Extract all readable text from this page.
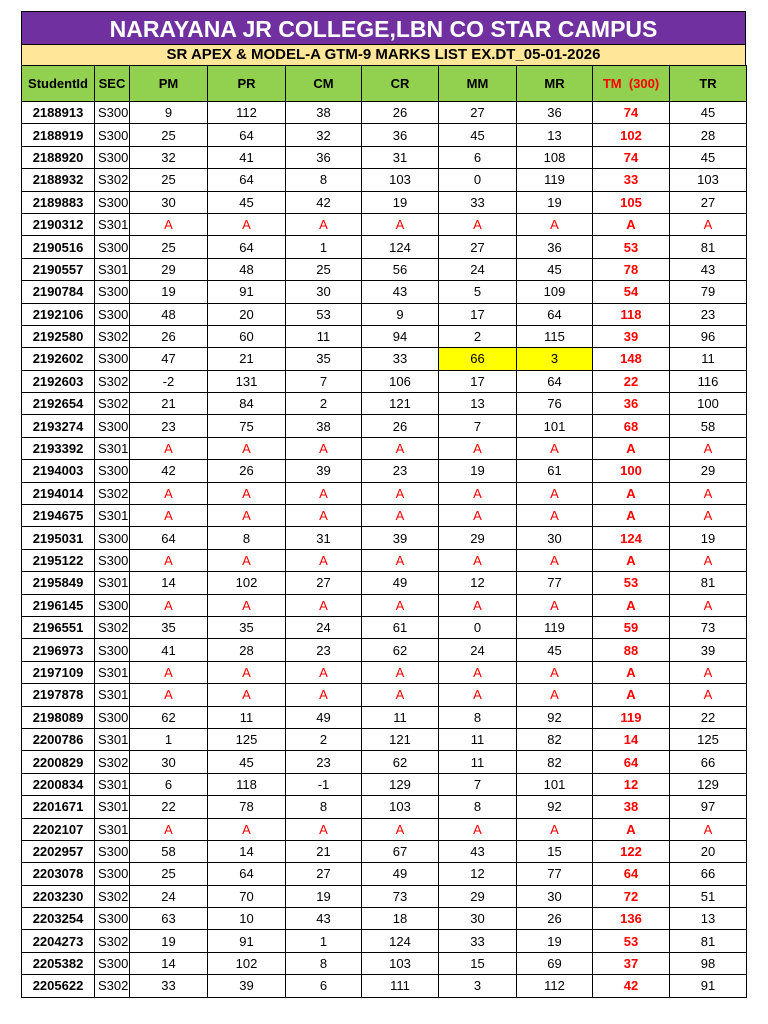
NARAYANA JR COLLEGE,LBN CO STAR CAMPUS
SR APEX & MODEL-A GTM-9 MARKS LIST EX.DT_05-01-2026
StudentId	SEC	PM	PR	CM	CR	MM	MR	TM  (300)	TR
2188913	S300	9	112	38	26	27	36	74	45
2188919	S300	25	64	32	36	45	13	102	28
2188920	S300	32	41	36	31	6	108	74	45
2188932	S302	25	64	8	103	0	119	33	103
2189883	S300	30	45	42	19	33	19	105	27
2190312	S301	A	A	A	A	A	A	A	A
2190516	S300	25	64	1	124	27	36	53	81
2190557	S301	29	48	25	56	24	45	78	43
2190784	S300	19	91	30	43	5	109	54	79
2192106	S300	48	20	53	9	17	64	118	23
2192580	S302	26	60	11	94	2	115	39	96
2192602	S300	47	21	35	33	66	3	148	11
2192603	S302	-2	131	7	106	17	64	22	116
2192654	S302	21	84	2	121	13	76	36	100
2193274	S300	23	75	38	26	7	101	68	58
2193392	S301	A	A	A	A	A	A	A	A
2194003	S300	42	26	39	23	19	61	100	29
2194014	S302	A	A	A	A	A	A	A	A
2194675	S301	A	A	A	A	A	A	A	A
2195031	S300	64	8	31	39	29	30	124	19
2195122	S300	A	A	A	A	A	A	A	A
2195849	S301	14	102	27	49	12	77	53	81
2196145	S300	A	A	A	A	A	A	A	A
2196551	S302	35	35	24	61	0	119	59	73
2196973	S300	41	28	23	62	24	45	88	39
2197109	S301	A	A	A	A	A	A	A	A
2197878	S301	A	A	A	A	A	A	A	A
2198089	S300	62	11	49	11	8	92	119	22
2200786	S301	1	125	2	121	11	82	14	125
2200829	S302	30	45	23	62	11	82	64	66
2200834	S301	6	118	-1	129	7	101	12	129
2201671	S301	22	78	8	103	8	92	38	97
2202107	S301	A	A	A	A	A	A	A	A
2202957	S300	58	14	21	67	43	15	122	20
2203078	S300	25	64	27	49	12	77	64	66
2203230	S302	24	70	19	73	29	30	72	51
2203254	S300	63	10	43	18	30	26	136	13
2204273	S302	19	91	1	124	33	19	53	81
2205382	S300	14	102	8	103	15	69	37	98
2205622	S302	33	39	6	111	3	112	42	91
